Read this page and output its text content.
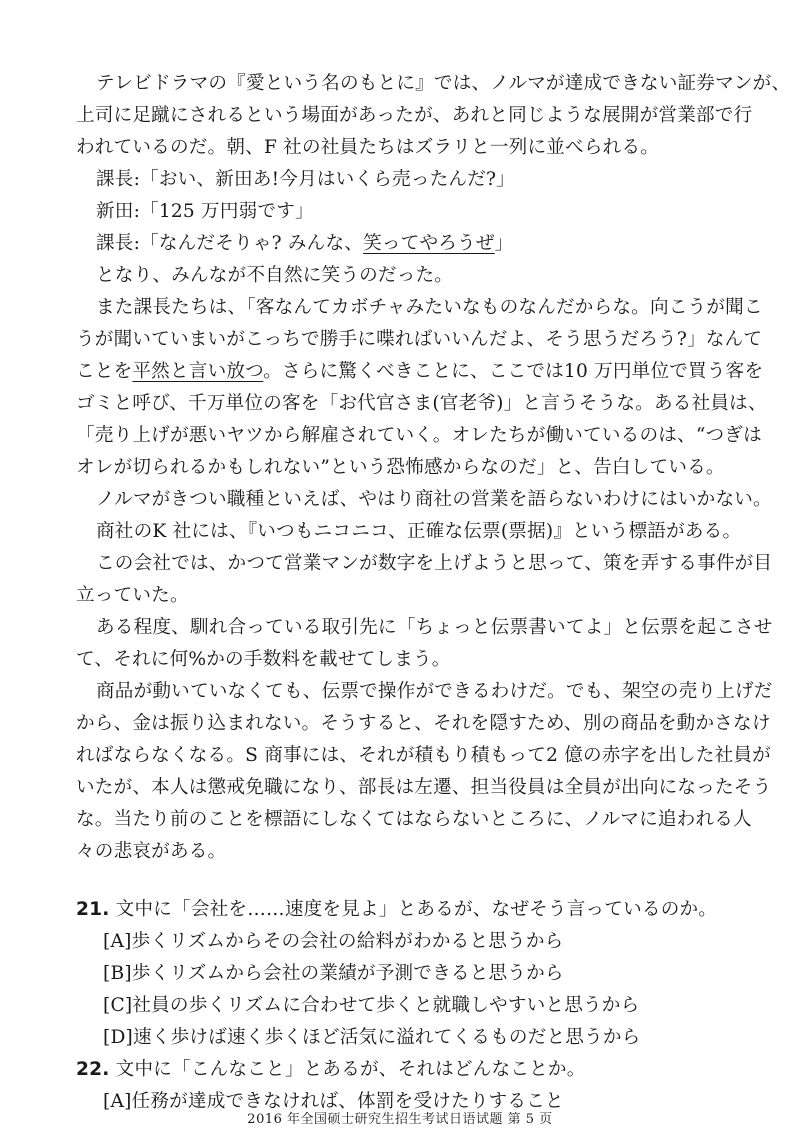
テレビドラマの『愛という名のもとに』では、ノルマが達成できない証券マンが、
上司に足蹴にされるという場面があったが、あれと同じような展開が営業部で行
われているのだ。朝、F 社の社員たちはズラリと一列に並べられる。
課長:「おい、新田あ!今月はいくら売ったんだ?」
新田:「125 万円弱です」
課長:「なんだそりゃ? みんな、笑ってやろうぜ」
となり、みんなが不自然に笑うのだった。
また課長たちは、「客なんてカボチャみたいなものなんだからな。向こうが聞こ
うが聞いていまいがこっちで勝手に喋ればいいんだよ、そう思うだろう?」なんて
ことを平然と言い放つ。さらに驚くべきことに、ここでは10 万円単位で買う客を
ゴミと呼び、千万単位の客を「お代官さま(官老爷)」と言うそうな。ある社員は、
「売り上げが悪いヤツから解雇されていく。オレたちが働いているのは、“つぎは
オレが切られるかもしれない”という恐怖感からなのだ」と、告白している。
ノルマがきつい職種といえば、やはり商社の営業を語らないわけにはいかない。
商社のK 社には、『いつもニコニコ、正確な伝票(票据)』という標語がある。
この会社では、かつて営業マンが数字を上げようと思って、策を弄する事件が目
立っていた。
ある程度、馴れ合っている取引先に「ちょっと伝票書いてよ」と伝票を起こさせ
て、それに何%かの手数料を載せてしまう。
商品が動いていなくても、伝票で操作ができるわけだ。でも、架空の売り上げだ
から、金は振り込まれない。そうすると、それを隠すため、別の商品を動かさなけ
ればならなくなる。S 商事には、それが積もり積もって2 億の赤字を出した社員が
いたが、本人は懲戒免職になり、部長は左遷、担当役員は全員が出向になったそう
な。当たり前のことを標語にしなくてはならないところに、ノルマに追われる人
々の悲哀がある。
21. 文中に「会社を……速度を見よ」とあるが、なぜそう言っているのか。
[A]歩くリズムからその会社の給料がわかると思うから
[B]歩くリズムから会社の業績が予測できると思うから
[C]社員の歩くリズムに合わせて歩くと就職しやすいと思うから
[D]速く歩けば速く歩くほど活気に溢れてくるものだと思うから
22. 文中に「こんなこと」とあるが、それはどんなことか。
[A]任務が達成できなければ、体罰を受けたりすること
2016 年全国硕士研究生招生考试日语试题 第 5 页
